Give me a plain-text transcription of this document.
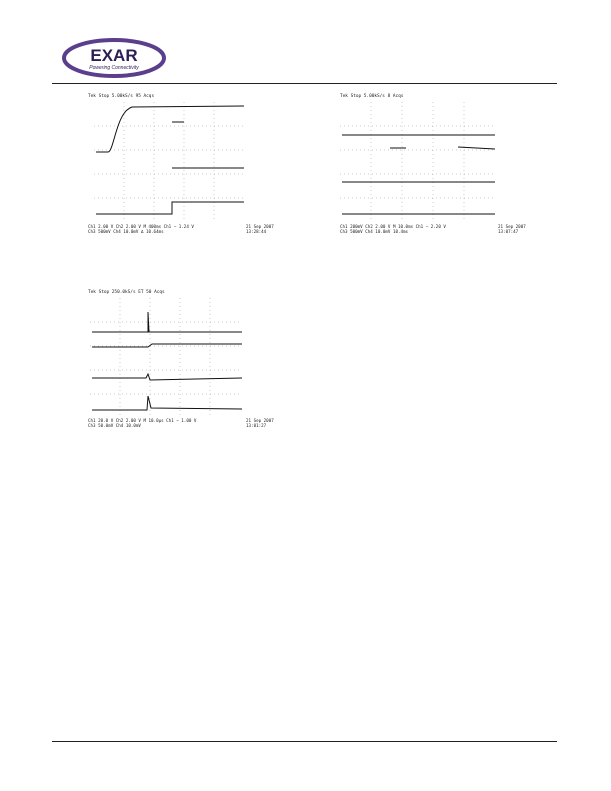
EXAR
Powering Connectivity
Tek Stop 5.00kS/s 95 Acqs
Ch1 2.00 V Ch2 2.00 V M 400ms Ch1 − 1.24 V
Ch3 500mV Ch4 10.0mV Δ 10.64ms
21 Sep 2007
13:28:44
Tek Stop 5.00kS/s 8 Acqs
Ch1 200mV Ch2 2.00 V M 10.0ms Ch1 − 2.20 V
Ch3 500mV Ch4 10.0mV 10.4ms
21 Sep 2007
13:07:47
Tek Stop 250.0kS/s ET 50 Acqs
Ch1 20.0 V Ch2 2.00 V M 10.0µs Ch1 − 1.00 V
Ch3 50.0mV Ch4 10.0mV
21 Sep 2007
13:01:27
